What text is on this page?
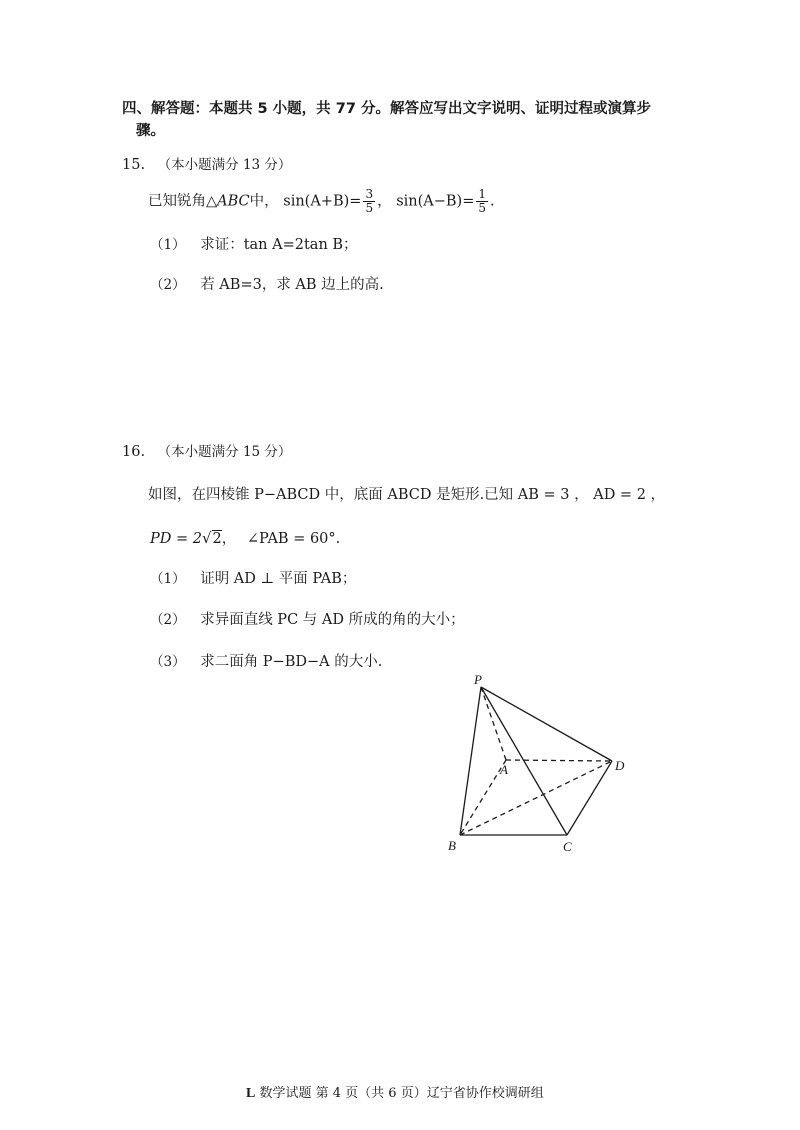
四、解答题：本题共 5 小题，共 77 分。解答应写出文字说明、证明过程或演算步
骤。
15. （本小题满分 13 分）
已知锐角△ABC中， $\sin(A+B)= \frac{3}{5}$ ， $\sin(A-B)= \frac{1}{5}$ .
（1） 求证：tan A=2tan B；
（2） 若 AB=3，求 AB 边上的高.
16. （本小题满分 15 分）
如图，在四棱锥 P−ABCD 中，底面 ABCD 是矩形.已知 AB = 3 ， AD = 2 ，
PD = 2√2， ∠PAB = 60°.
（1） 证明 AD ⊥ 平面 PAB；
（2） 求异面直线 PC 与 AD 所成的角的大小；
（3） 求二面角 P−BD−A 的大小.
P
A
B	C
D
L 数学试题 第 4 页（共 6 页）辽宁省协作校调研组
